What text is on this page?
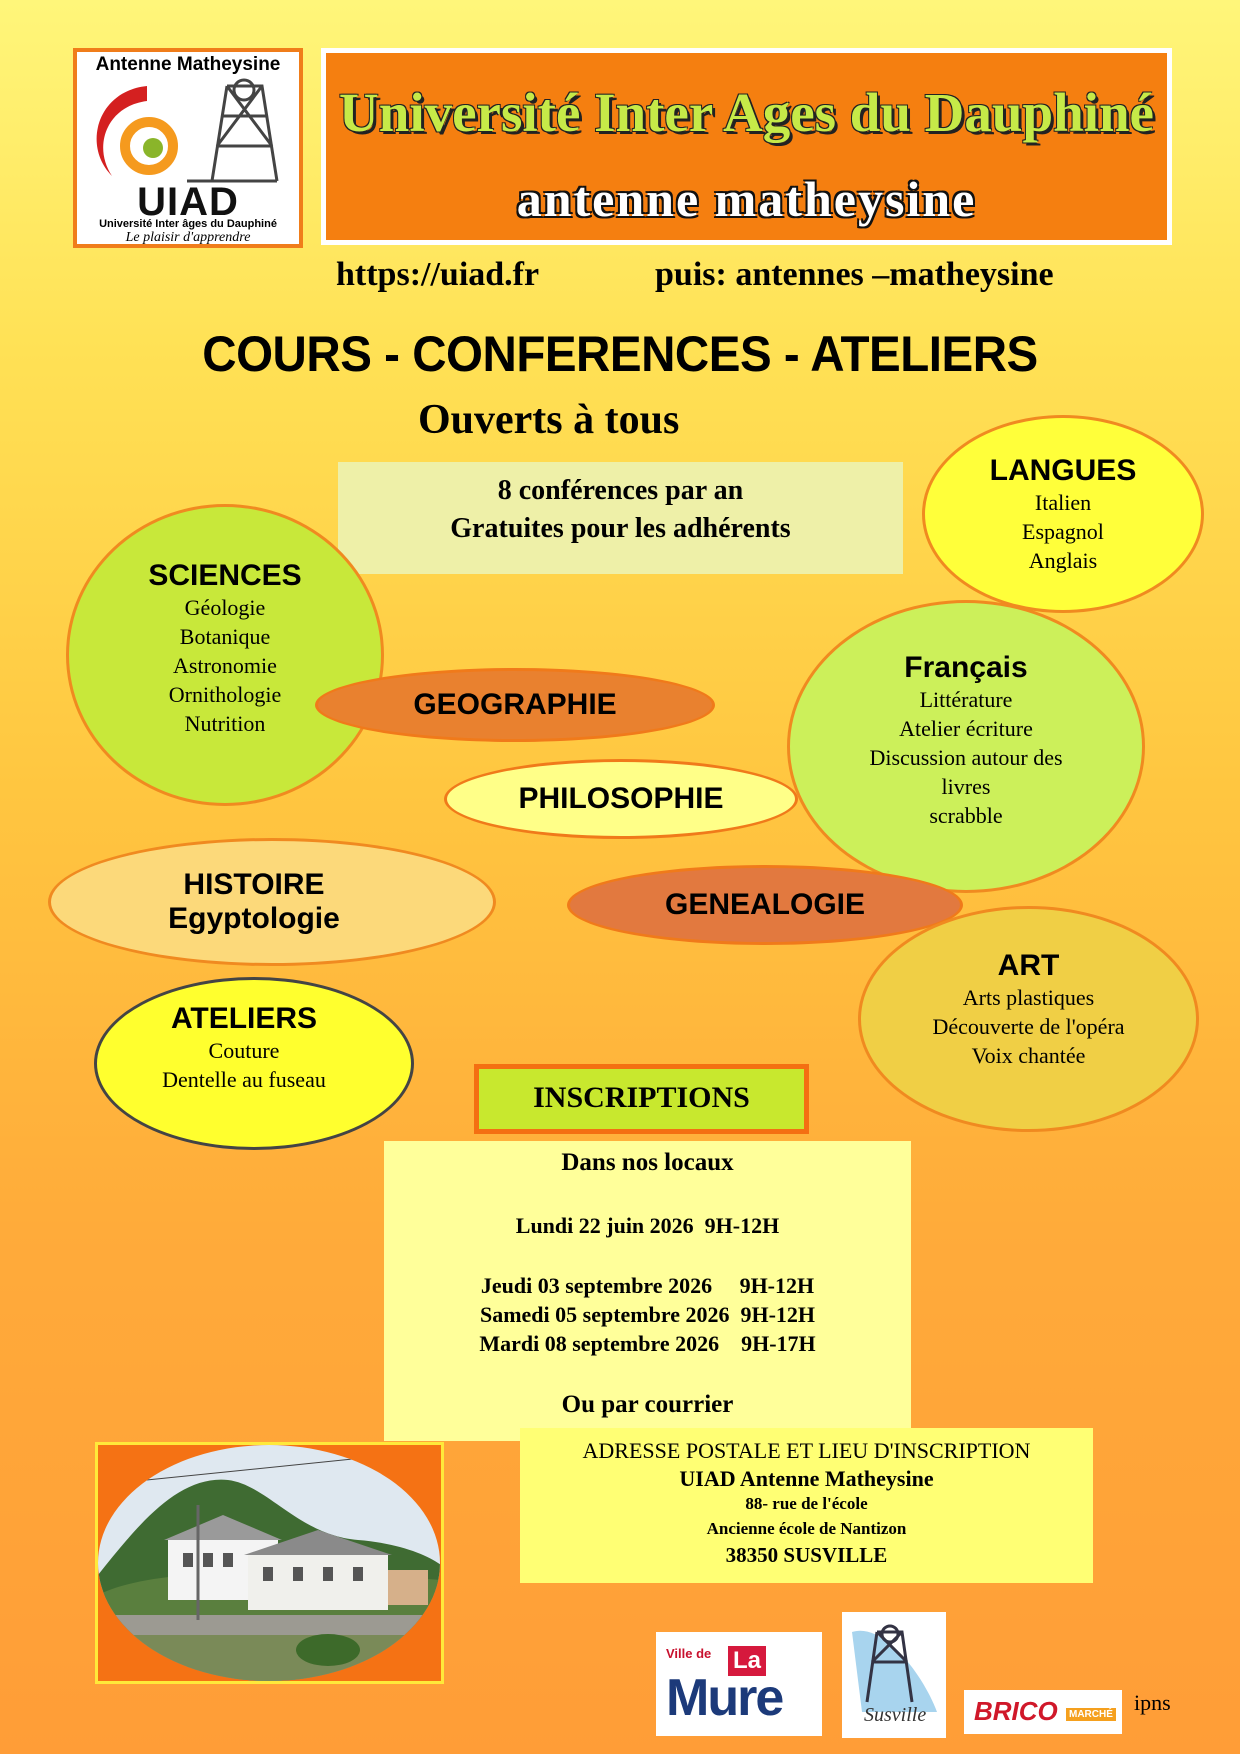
Antenne Matheysine
UIAD
Université Inter âges du Dauphiné
Le plaisir d'apprendre
Université Inter Ages du Dauphiné
antenne matheysine
https://uiad.fr	puis: antennes –matheysine
COURS - CONFERENCES - ATELIERS
Ouverts à tous
8 conférences par an
Gratuites pour les adhérents
LANGUES
Italien
Espagnol
Anglais
SCIENCES
Géologie
Botanique
Astronomie
Ornithologie
Nutrition
Français
Littérature
Atelier écriture
Discussion autour des
livres
scrabble
GEOGRAPHIE
PHILOSOPHIE
HISTOIRE
Egyptologie	GENEALOGIE
ART
Arts plastiques
Découverte de l'opéra
Voix chantée
ATELIERS
Couture
Dentelle au fuseau
INSCRIPTIONS
Dans nos locaux
Lundi 22 juin 2026  9H-12H
Jeudi 03 septembre 2026     9H-12H
Samedi 05 septembre 2026  9H-12H
Mardi 08 septembre 2026    9H-17H
Ou par courrier
ADRESSE POSTALE ET LIEU D'INSCRIPTION
UIAD Antenne Matheysine
88- rue de l'école
Ancienne école de Nantizon
38350 SUSVILLE
Ville de La
Mure	Susville BRICO	MARCHÉ ipns
